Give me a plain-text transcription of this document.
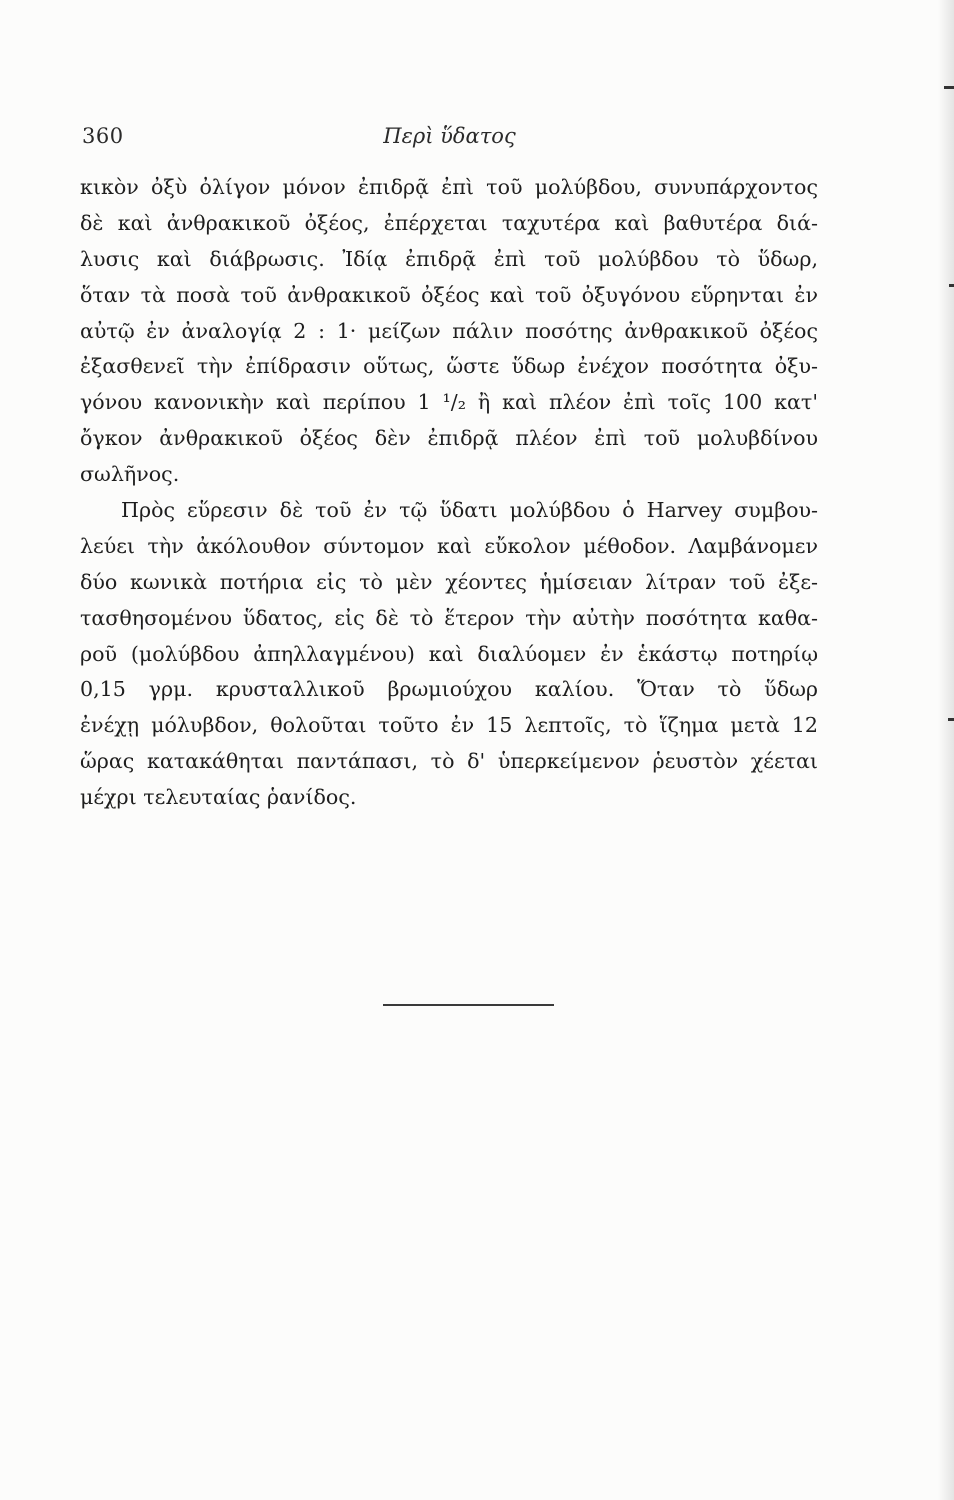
360	Περὶ ὕδατος
κικὸν ὀξὺ ὀλίγον μόνον ἐπιδρᾷ ἐπὶ τοῦ μολύβδου, συνυπάρχοντος
δὲ καὶ ἀνθρακικοῦ ὀξέος, ἐπέρχεται ταχυτέρα καὶ βαθυτέρα διά-
λυσις καὶ διάβρωσις. Ἰδίᾳ ἐπιδρᾷ ἐπὶ τοῦ μολύβδου τὸ ὕδωρ,
ὅταν τὰ ποσὰ τοῦ ἀνθρακικοῦ ὀξέος καὶ τοῦ ὀξυγόνου εὕρηνται ἐν
αὐτῷ ἐν ἀναλογίᾳ 2 : 1· μείζων πάλιν ποσότης ἀνθρακικοῦ ὀξέος
ἐξασθενεῖ τὴν ἐπίδρασιν οὕτως, ὥστε ὕδωρ ἐνέχον ποσότητα ὀξυ-
γόνου κανονικὴν καὶ περίπου 1 ¹/₂ ἢ καὶ πλέον ἐπὶ τοῖς 100 κατ'
ὄγκον ἀνθρακικοῦ ὀξέος δὲν ἐπιδρᾷ πλέον ἐπὶ τοῦ μολυβδίνου
σωλῆνος.
Πρὸς εὕρεσιν δὲ τοῦ ἐν τῷ ὕδατι μολύβδου ὁ Harvey συμβου-
λεύει τὴν ἀκόλουθον σύντομον καὶ εὔκολον μέθοδον. Λαμβάνομεν
δύο κωνικὰ ποτήρια εἰς τὸ μὲν χέοντες ἡμίσειαν λίτραν τοῦ ἐξε-
τασθησομένου ὕδατος, εἰς δὲ τὸ ἕτερον τὴν αὐτὴν ποσότητα καθα-
ροῦ (μολύβδου ἀπηλλαγμένου) καὶ διαλύομεν ἐν ἑκάστῳ ποτηρίῳ
0,15 γρμ. κρυσταλλικοῦ βρωμιούχου καλίου. Ὅταν τὸ ὕδωρ
ἐνέχῃ μόλυβδον, θολοῦται τοῦτο ἐν 15 λεπτοῖς, τὸ ἵζημα μετὰ 12
ὥρας κατακάθηται παντάπασι, τὸ δ' ὑπερκείμενον ῥευστὸν χέεται
μέχρι τελευταίας ῥανίδος.
